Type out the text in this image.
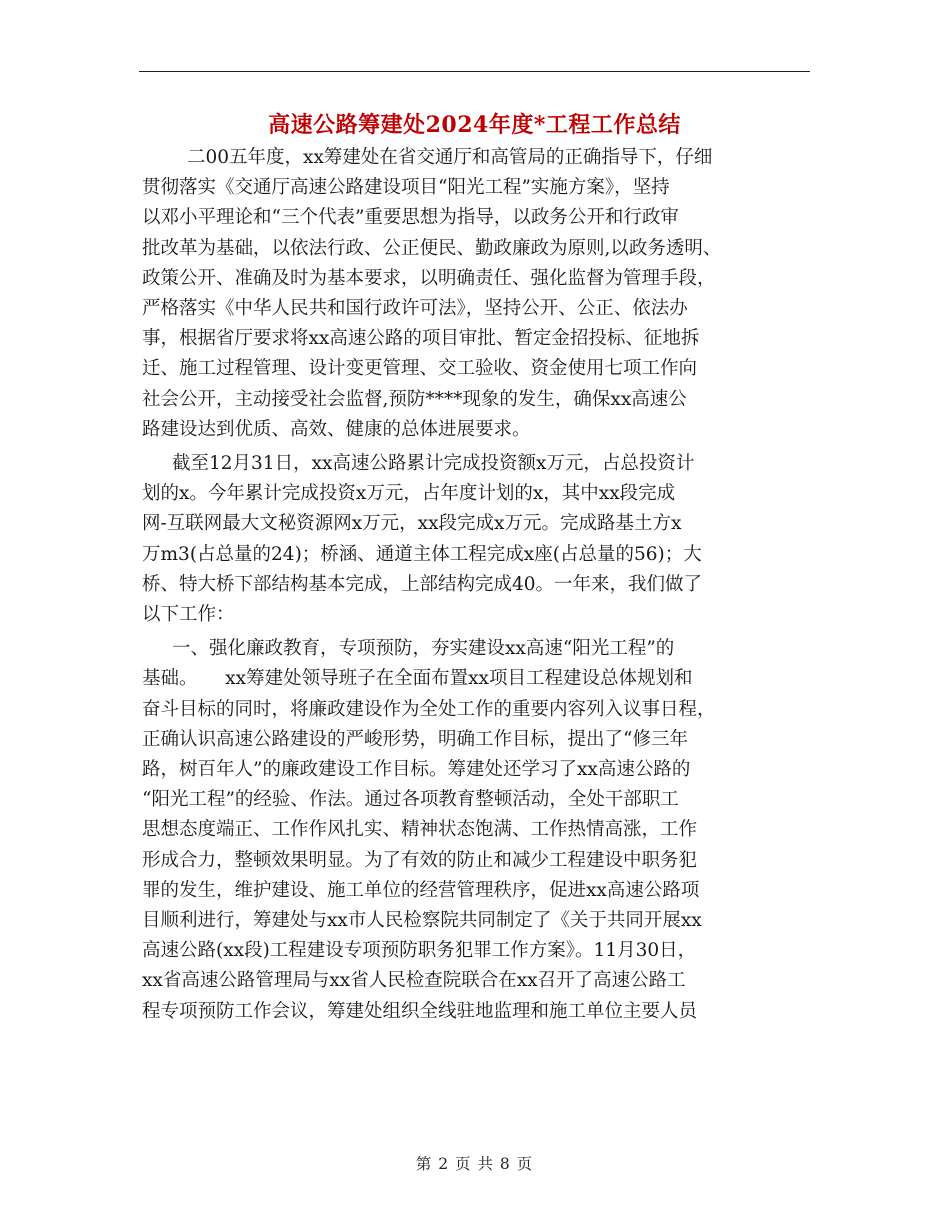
高速公路筹建处2024年度*工程工作总结

二00五年度，xx筹建处在省交通厅和高管局的正确指导下，仔细
贯彻落实《交通厅高速公路建设项目“阳光工程”实施方案》，坚持
以邓小平理论和“三个代表”重要思想为指导，以政务公开和行政审
批改革为基础，以依法行政、公正便民、勤政廉政为原则,以政务透明、
政策公开、准确及时为基本要求，以明确责任、强化监督为管理手段，
严格落实《中华人民共和国行政许可法》，坚持公开、公正、依法办
事，根据省厅要求将xx高速公路的项目审批、暂定金招投标、征地拆
迁、施工过程管理、设计变更管理、交工验收、资金使用七项工作向
社会公开，主动接受社会监督,预防****现象的发生，确保xx高速公
路建设达到优质、高效、健康的总体进展要求。

截至12月31日，xx高速公路累计完成投资额x万元，占总投资计
划的x。今年累计完成投资x万元，占年度计划的x，其中xx段完成
网-互联网最大文秘资源网x万元，xx段完成x万元。完成路基土方x
万m3(占总量的24)；桥涵、通道主体工程完成x座(占总量的56)；大
桥、特大桥下部结构基本完成，上部结构完成40。一年来，我们做了
以下工作：

一、强化廉政教育，专项预防，夯实建设xx高速“阳光工程”的
基础。　　xx筹建处领导班子在全面布置xx项目工程建设总体规划和
奋斗目标的同时，将廉政建设作为全处工作的重要内容列入议事日程，
正确认识高速公路建设的严峻形势，明确工作目标，提出了“修三年
路，树百年人”的廉政建设工作目标。筹建处还学习了xx高速公路的
“阳光工程”的经验、作法。通过各项教育整顿活动，全处干部职工
思想态度端正、工作作风扎实、精神状态饱满、工作热情高涨，工作
形成合力，整顿效果明显。为了有效的防止和减少工程建设中职务犯
罪的发生，维护建设、施工单位的经营管理秩序，促进xx高速公路项
目顺利进行，筹建处与xx市人民检察院共同制定了《关于共同开展xx
高速公路(xx段)工程建设专项预防职务犯罪工作方案》。11月30日，
xx省高速公路管理局与xx省人民检查院联合在xx召开了高速公路工
程专项预防工作会议，筹建处组织全线驻地监理和施工单位主要人员

第 2 页 共 8 页
